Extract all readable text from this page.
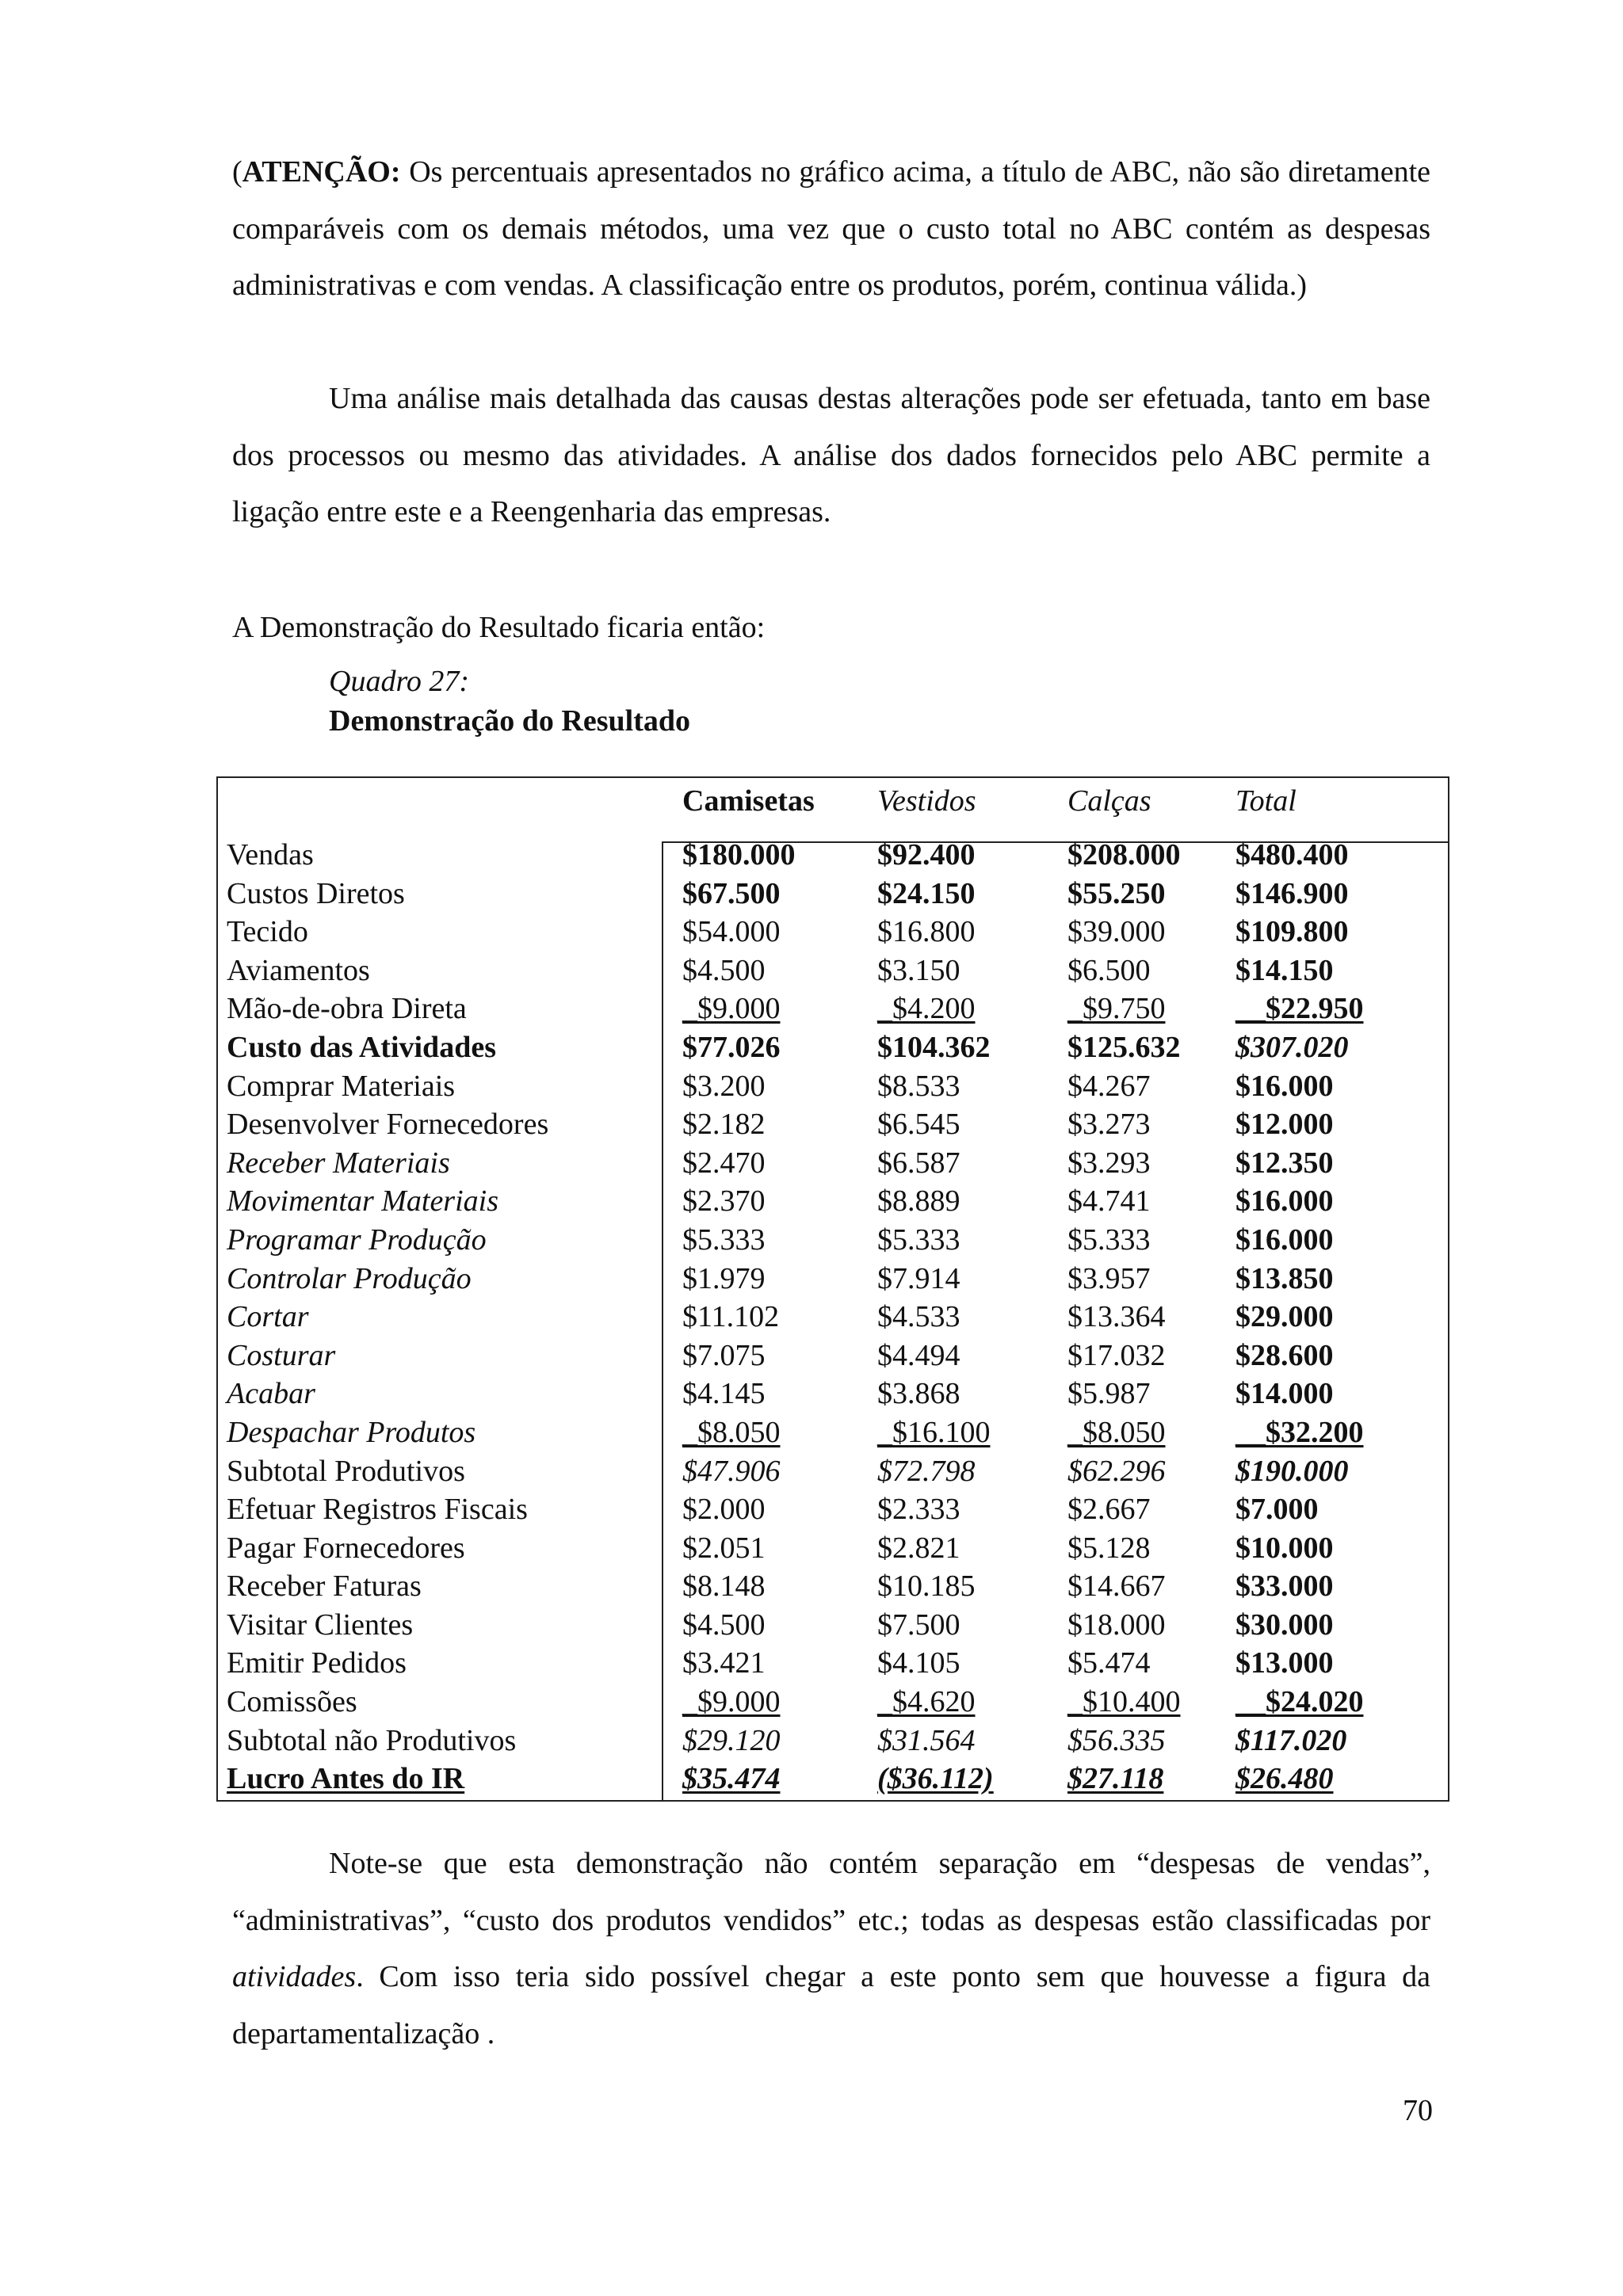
(ATENÇÃO: Os percentuais apresentados no gráfico acima, a título de ABC, não são diretamente comparáveis com os demais métodos, uma vez que o custo total no ABC contém as despesas administrativas e com vendas. A classificação entre os produtos, porém, continua válida.)

Uma análise mais detalhada das causas destas alterações pode ser efetuada, tanto em base dos processos ou mesmo das atividades. A análise dos dados fornecidos pelo ABC permite a ligação entre este e a Reengenharia das empresas.

A Demonstração do Resultado ficaria então:

Quadro 27:

Demonstração do Resultado

Camisetas Vestidos	Calças	Total

Vendas	$180.000	$92.400	$208.000 $480.400
Custos Diretos	$67.500	$24.150	$55.250 $146.900
Tecido	$54.000	$16.800	$39.000 $109.800
Aviamentos	$4.500	$3.150	$6.500	$14.150
Mão-de-obra Direta	_$9.000	_$4.200	_$9.750 __$22.950
Custo das Atividades	$77.026	$104.362	$125.632 $307.020
Comprar Materiais	$3.200	$8.533	$4.267	$16.000
Desenvolver Fornecedores	$2.182	$6.545	$3.273	$12.000
Receber Materiais	$2.470	$6.587	$3.293	$12.350
Movimentar Materiais	$2.370	$8.889	$4.741	$16.000
Programar Produção	$5.333	$5.333	$5.333	$16.000
Controlar Produção	$1.979	$7.914	$3.957	$13.850
Cortar	$11.102	$4.533	$13.364 $29.000
Costurar	$7.075	$4.494	$17.032 $28.600
Acabar	$4.145	$3.868	$5.987	$14.000
Despachar Produtos	_$8.050	_$16.100	_$8.050 __$32.200
Subtotal Produtivos	$47.906	$72.798	$62.296 $190.000
Efetuar Registros Fiscais	$2.000	$2.333	$2.667	$7.000
Pagar Fornecedores	$2.051	$2.821	$5.128	$10.000
Receber Faturas	$8.148	$10.185	$14.667 $33.000
Visitar Clientes	$4.500	$7.500	$18.000 $30.000
Emitir Pedidos	$3.421	$4.105	$5.474	$13.000
Comissões	_$9.000	_$4.620	_$10.400 __$24.020
Subtotal não Produtivos	$29.120	$31.564	$56.335 $117.020
Lucro Antes do IR	$35.474	($36.112) $27.118 $26.480

Note-se que esta demonstração não contém separação em “despesas de vendas”, “administrativas”, “custo dos produtos vendidos” etc.; todas as despesas estão classificadas por atividades. Com isso teria sido possível chegar a este ponto sem que houvesse a figura da departamentalização .

70
